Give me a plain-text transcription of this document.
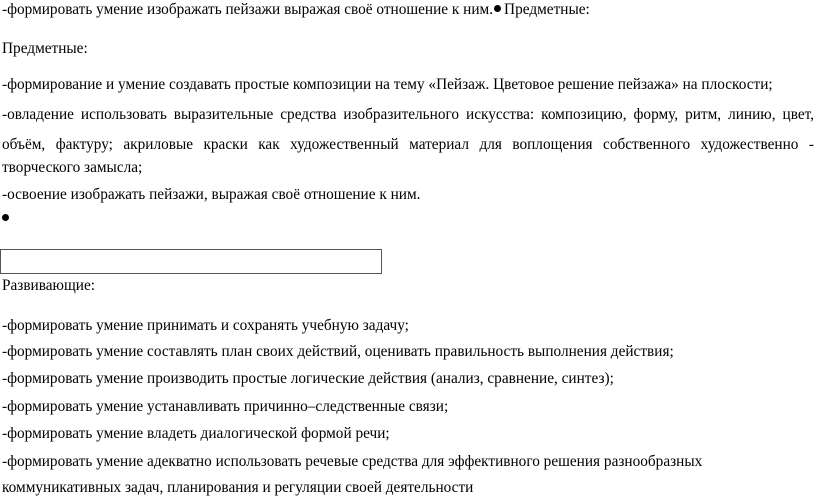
-формировать умение изображать пейзажи выражая своё отношение к ним. Предметные:
Предметные:
-формирование и умение создавать простые композиции на тему «Пейзаж. Цветовое решение пейзажа» на плоскости;
-овладение использовать выразительные средства изобразительного искусства: композицию, форму, ритм, линию, цвет,
объём, фактуру; акриловые краски как художественный материал для воплощения собственного художественно -
творческого замысла;
-освоение изображать пейзажи, выражая своё отношение к ним.
Развивающие:
-формировать умение принимать и сохранять учебную задачу;
-формировать умение составлять план своих действий, оценивать правильность выполнения действия;
-формировать умение производить простые логические действия (анализ, сравнение, синтез);
-формировать умение устанавливать причинно–следственные связи;
-формировать умение владеть диалогической формой речи;
-формировать умение адекватно использовать речевые средства для эффективного решения разнообразных
коммуникативных задач, планирования и регуляции своей деятельности
